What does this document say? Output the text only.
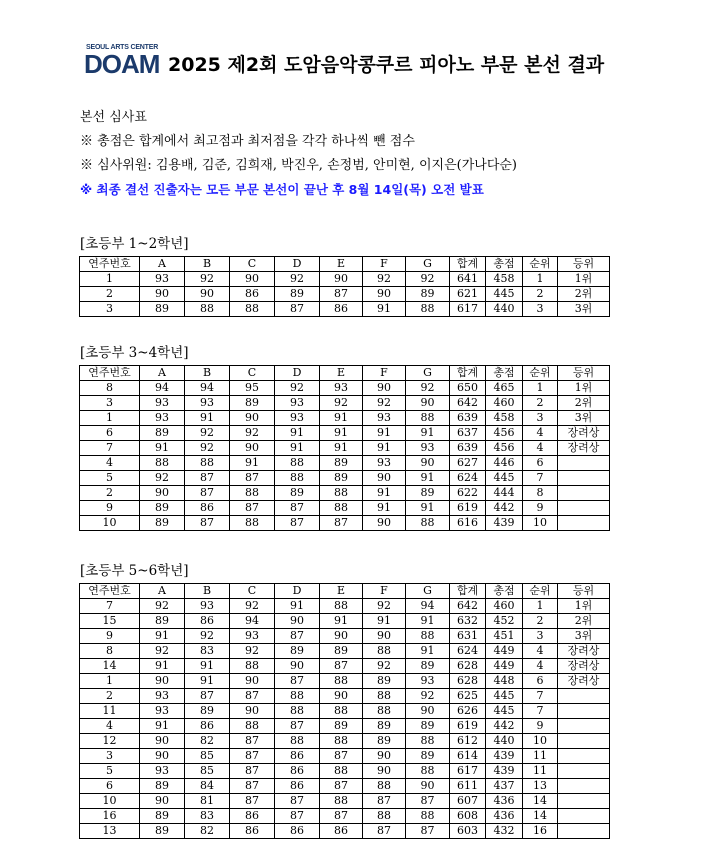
SEOUL ARTS CENTER
DOAM 2025 제2회 도암음악콩쿠르 피아노 부문 본선 결과
본선 심사표
※ 총점은 합계에서 최고점과 최저점을 각각 하나씩 뺀 점수
※ 심사위원: 김용배, 김준, 김희재, 박진우, 손정범, 안미현, 이지은(가나다순)
※ 최종 결선 진출자는 모든 부문 본선이 끝난 후 8월 14일(목) 오전 발표
[초등부 1~2학년]
연주번호	A	B	C	D	E	F	G	합계	총점	순위	등위
1	93	92	90	92	90	92	92	641	458	1	1위
2	90	90	86	89	87	90	89	621	445	2	2위
3	89	88	88	87	86	91	88	617	440	3	3위
[초등부 3~4학년]
연주번호	A	B	C	D	E	F	G	합계	총점	순위	등위
8	94	94	95	92	93	90	92	650	465	1	1위
3	93	93	89	93	92	92	90	642	460	2	2위
1	93	91	90	93	91	93	88	639	458	3	3위
6	89	92	92	91	91	91	91	637	456	4	장려상
7	91	92	90	91	91	91	93	639	456	4	장려상
4	88	88	91	88	89	93	90	627	446	6	
5	92	87	87	88	89	90	91	624	445	7	
2	90	87	88	89	88	91	89	622	444	8	
9	89	86	87	87	88	91	91	619	442	9	
10	89	87	88	87	87	90	88	616	439	10	
[초등부 5~6학년]
연주번호	A	B	C	D	E	F	G	합계	총점	순위	등위
7	92	93	92	91	88	92	94	642	460	1	1위
15	89	86	94	90	91	91	91	632	452	2	2위
9	91	92	93	87	90	90	88	631	451	3	3위
8	92	83	92	89	89	88	91	624	449	4	장려상
14	91	91	88	90	87	92	89	628	449	4	장려상
1	90	91	90	87	88	89	93	628	448	6	장려상
2	93	87	87	88	90	88	92	625	445	7	
11	93	89	90	88	88	88	90	626	445	7	
4	91	86	88	87	89	89	89	619	442	9	
12	90	82	87	88	88	89	88	612	440	10	
3	90	85	87	86	87	90	89	614	439	11	
5	93	85	87	86	88	90	88	617	439	11	
6	89	84	87	86	87	88	90	611	437	13	
10	90	81	87	87	88	87	87	607	436	14	
16	89	83	86	87	87	88	88	608	436	14	
13	89	82	86	86	86	87	87	603	432	16	
